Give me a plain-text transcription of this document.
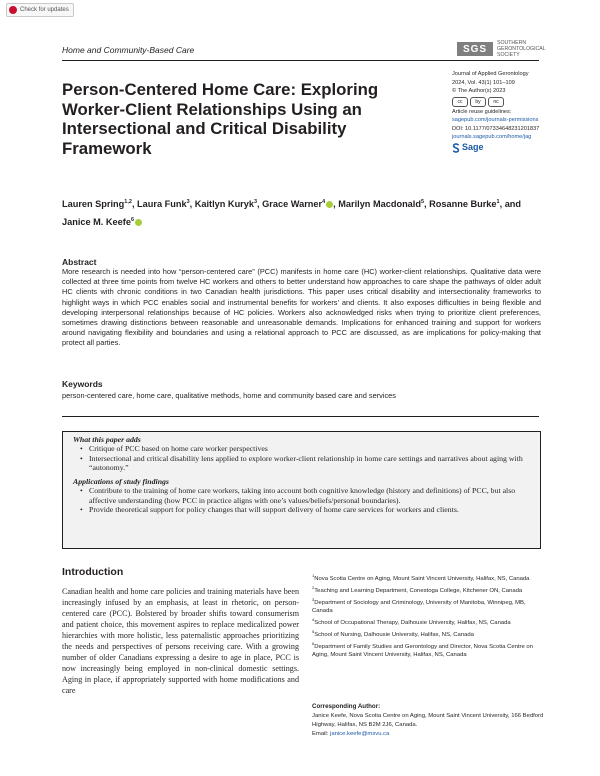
Check for updates
Home and Community-Based Care
Person-Centered Home Care: Exploring Worker-Client Relationships Using an Intersectional and Critical Disability Framework
SGS
SOUTHERN
GERONTOLOGICAL
SOCIETY
Journal of Applied Gerontology
2024, Vol. 43(1) 101–109
© The Author(s) 2023
cc	by	nc
Article reuse guidelines:
sagepub.com/journals-permissions
DOI: 10.1177/07334648231201837
journals.sagepub.com/home/jag
Sage
Lauren Spring$^{1,2}$, Laura Funk$^3$, Kaitlyn Kuryk$^3$, Grace Warner$^4$ , Marilyn Macdonald$^5$, Rosanne Burke$^1$, and Janice M. Keefe$^6$
Abstract
More research is needed into how “person-centered care” (PCC) manifests in home care (HC) worker-client relationships. Qualitative data were collected at three time points from twelve HC workers and others to better understand how approaches to care shape the pathways of older adult HC clients with chronic conditions in two Canadian health jurisdictions. This paper uses critical disability and intersectionality frameworks to highlight ways in which PCC enables social and instrumental benefits for workers’ and clients. It also exposes difficulties in being flexible and developing interpersonal relationships because of HC policies. Workers also acknowledged risks when trying to prioritize client preferences, sometimes drawing distinctions between reasonable and unreasonable demands. Implications for enhanced training and support for workers around navigating flexibility and boundaries and using a relational approach to PCC are discussed, as are implications for policy-making that protect all parties.
Keywords
person-centered care, home care, qualitative methods, home and community based care and services

What this paper adds

• Critique of PCC based on home care worker perspectives
• Intersectional and critical disability lens applied to explore worker-client relationship in home care settings and narratives about aging with “autonomy.”

Applications of study findings

• Contribute to the training of home care workers, taking into account both cognitive knowledge (history and definitions) of PCC, but also affective understanding (how PCC in practice aligns with one’s values/beliefs/personal boundaries).
• Provide theoretical support for policy changes that will support delivery of home care services for workers and clients.
Introduction
Canadian health and home care policies and training materials have been increasingly infused by an emphasis, at least in rhetoric, on person-centered care (PCC). Bolstered by broader shifts toward consumerism and patient choice, this movement aspires to replace medicalized power hierarchies with more holistic, less paternalistic approaches prioritizing the needs and perspectives of persons receiving care. With a growing number of older Canadians expressing a desire to age in place, PCC is now increasingly being employed in non-clinical domestic settings. Aging in place, if appropriately supported with home modifications and care
$^1$Nova Scotia Centre on Aging, Mount Saint Vincent University, Halifax, NS, Canada
$^2$Teaching and Learning Department, Conestoga College, Kitchener ON, Canada
$^3$Department of Sociology and Criminology, University of Manitoba, Winnipeg, MB, Canada
$^4$School of Occupational Therapy, Dalhousie University, Halifax, NS, Canada
$^5$School of Nursing, Dalhousie University, Halifax, NS, Canada
$^6$Department of Family Studies and Gerontology and Director, Nova Scotia Centre on Aging, Mount Saint Vincent University, Halifax, NS, Canada
Corresponding Author:
Janice Keefe, Nova Scotia Centre on Aging, Mount Saint Vincent University, 166 Bedford Highway, Halifax, NS B2M 2J6, Canada.
Email: janice.keefe@msvu.ca
